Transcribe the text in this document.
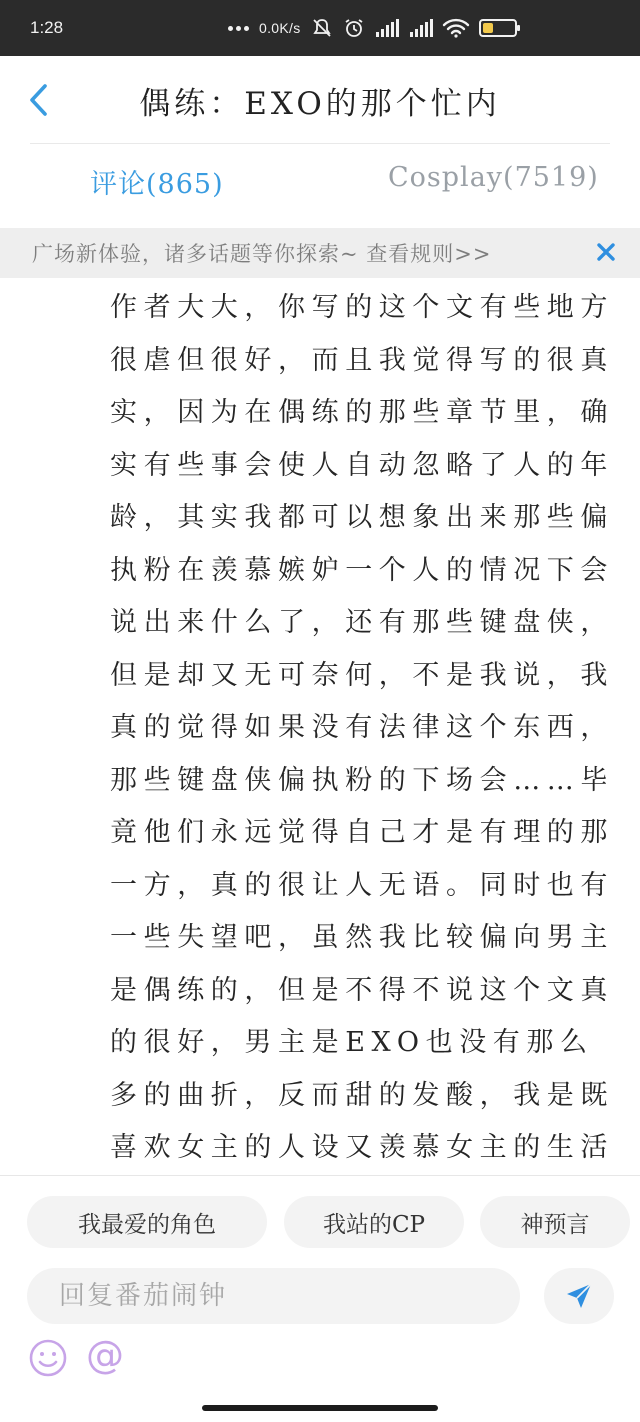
1:28	0.0K/s
偶练：EXO的那个忙内
评论(865)	Cosplay(7519)
广场新体验，诸多话题等你探索~ 查看规则>>

作者大大，你写的这个文有些地方很虐但很好，而且我觉得写的很真实，因为在偶练的那些章节里，确实有些事会使人自动忽略了人的年龄，其实我都可以想象出来那些偏执粉在羡慕嫉妒一个人的情况下会说出来什么了，还有那些键盘侠，但是却又无可奈何，不是我说，我真的觉得如果没有法律这个东西，那些键盘侠偏执粉的下场会……毕竟他们永远觉得自己才是有理的那一方，真的很让人无语。同时也有一些失望吧，虽然我比较偏向男主是偶练的，但是不得不说这个文真的很好，男主是EXO也没有那么多的曲折，反而甜的发酸，我是既喜欢女主的人设又羡慕女主的生活

我最爱的角色	我站的CP	神预言
回复番茄闹钟
@
